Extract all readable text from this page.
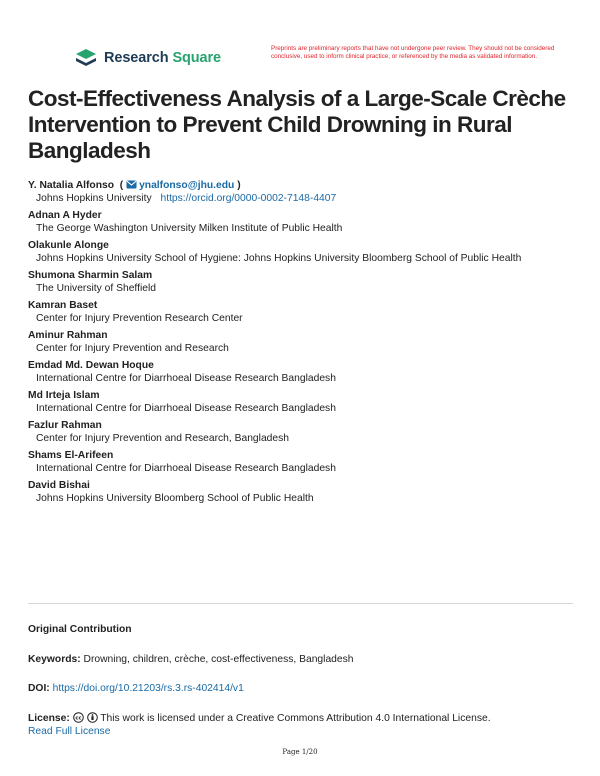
Research Square
Preprints are preliminary reports that have not undergone peer review. They should not be considered conclusive, used to inform clinical practice, or referenced by the media as validated information.
Cost-Effectiveness Analysis of a Large-Scale Crèche Intervention to Prevent Child Drowning in Rural Bangladesh
Y. Natalia Alfonso  ( ynalfonso@jhu.edu )
Johns Hopkins University https://orcid.org/0000-0002-7148-4407
Adnan A Hyder
The George Washington University Milken Institute of Public Health
Olakunle Alonge
Johns Hopkins University School of Hygiene: Johns Hopkins University Bloomberg School of Public Health
Shumona Sharmin Salam
The University of Sheffield
Kamran Baset
Center for Injury Prevention Research Center
Aminur Rahman
Center for Injury Prevention and Research
Emdad Md. Dewan Hoque
International Centre for Diarrhoeal Disease Research Bangladesh
Md Irteja Islam
International Centre for Diarrhoeal Disease Research Bangladesh
Fazlur Rahman
Center for Injury Prevention and Research, Bangladesh
Shams El-Arifeen
International Centre for Diarrhoeal Disease Research Bangladesh
David Bishai
Johns Hopkins University Bloomberg School of Public Health
Original Contribution
Keywords: Drowning, children, crèche, cost-effectiveness, Bangladesh
DOI: https://doi.org/10.21203/rs.3.rs-402414/v1
License: cc This work is licensed under a Creative Commons Attribution 4.0 International License.
Read Full License
Page 1/20
